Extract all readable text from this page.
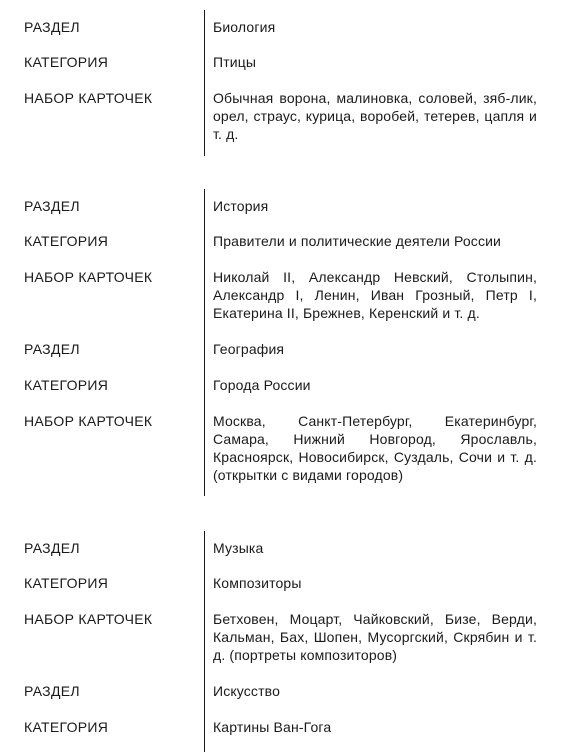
РАЗДЕЛ	Биология
КАТЕГОРИЯ	Птицы
НАБОР КАРТОЧЕК	Обычная ворона, малиновка, соловей, зяб-лик, орел, страус, курица, воробей, тетерев, цапля и т. д.
РАЗДЕЛ	История
КАТЕГОРИЯ	Правители и политические деятели России
НАБОР КАРТОЧЕК	Николай II, Александр Невский, Столыпин, Александр I, Ленин, Иван Грозный, Петр I, Екатерина II, Брежнев, Керенский и т. д.
РАЗДЕЛ	География
КАТЕГОРИЯ	Города России
НАБОР КАРТОЧЕК	Москва, Санкт-Петербург, Екатеринбург, Самара, Нижний Новгород, Ярославль, Красноярск, Новосибирск, Суздаль, Сочи и т. д. (открытки с видами городов)
РАЗДЕЛ	Музыка
КАТЕГОРИЯ	Композиторы
НАБОР КАРТОЧЕК	Бетховен, Моцарт, Чайковский, Бизе, Верди, Кальман, Бах, Шопен, Мусоргский, Скрябин и т. д. (портреты композиторов)
РАЗДЕЛ	Искусство
КАТЕГОРИЯ	Картины Ван-Гога
